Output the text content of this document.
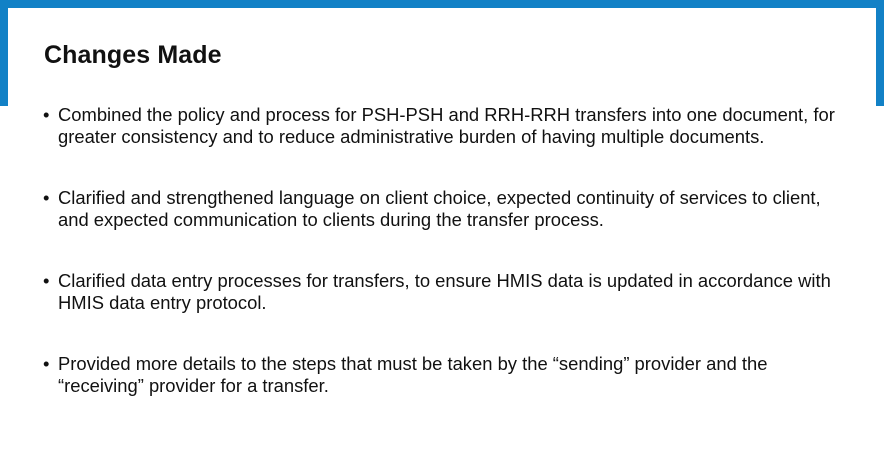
Changes Made
• Combined the policy and process for PSH-PSH and RRH-RRH transfers into one document, for greater consistency and to reduce administrative burden of having multiple documents.
• Clarified and strengthened language on client choice, expected continuity of services to client, and expected communication to clients during the transfer process.
• Clarified data entry processes for transfers, to ensure HMIS data is updated in accordance with HMIS data entry protocol.
• Provided more details to the steps that must be taken by the “sending” provider and the “receiving” provider for a transfer.
